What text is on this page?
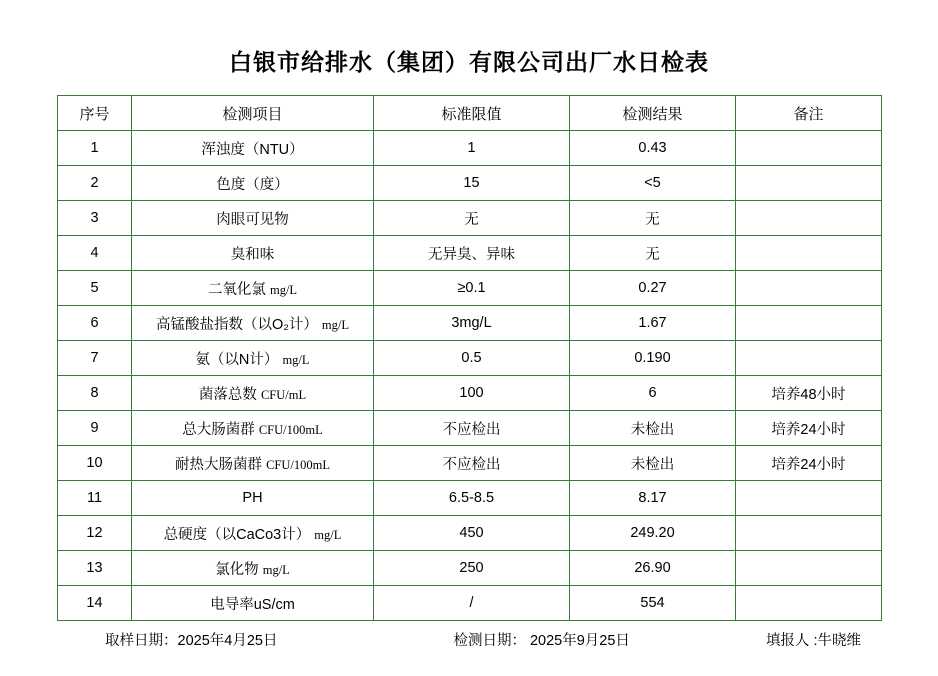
白银市给排水（集团）有限公司出厂水日检表
序号	检测项目	标准限值	检测结果	备注
1	浑浊度（NTU）	1	0.43	
2	色度（度）	15	<5	
3	肉眼可见物	无	无	
4	臭和味	无异臭、异味	无	
5	二氧化氯 mg/L	≥0.1	0.27	
6	高锰酸盐指数（以O₂计） mg/L	3mg/L	1.67	
7	氨（以N计） mg/L	0.5	0.190	
8	菌落总数 CFU/mL	100	6	培养48小时
9	总大肠菌群 CFU/100mL	不应检出	未检出	培养24小时
10	耐热大肠菌群 CFU/100mL	不应检出	未检出	培养24小时
11	PH	6.5-8.5	8.17	
12	总硬度（以CaCo3计） mg/L	450	249.20	
13	氯化物 mg/L	250	26.90	
14	电导率uS/cm	/	554	
取样日期：2025年4月25日	检测日期： 2025年9月25日	填报人 :牛晓维
